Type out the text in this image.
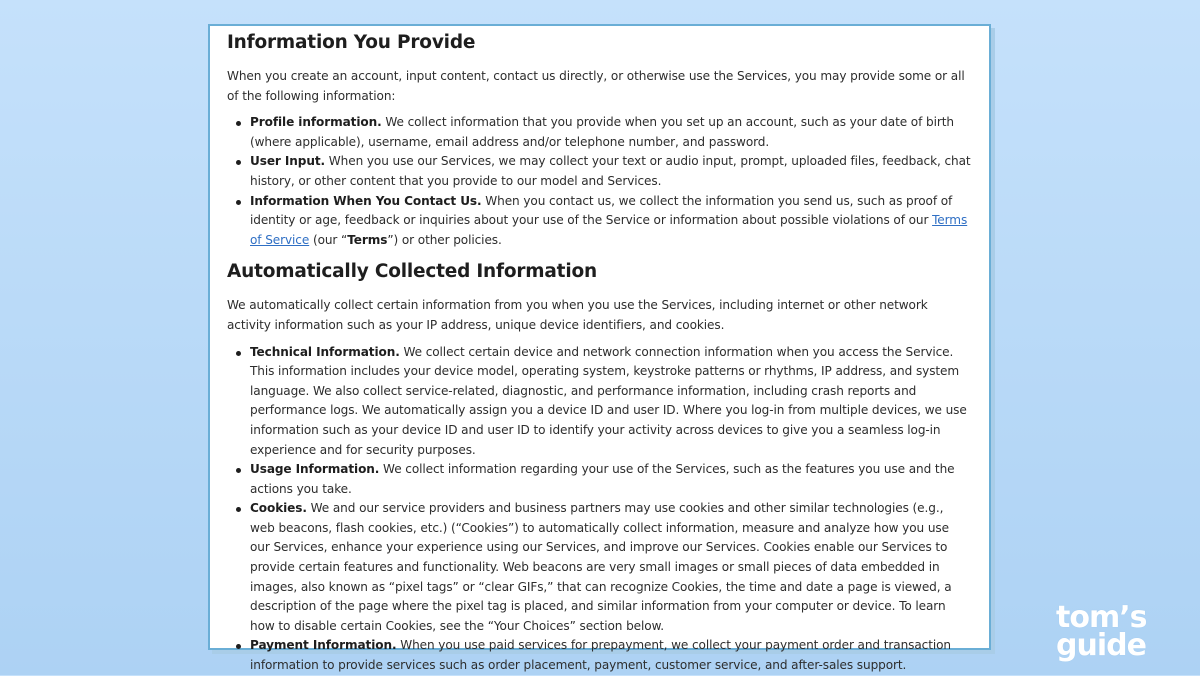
Information You Provide

When you create an account, input content, contact us directly, or otherwise use the Services, you may provide some or all of the following information:

Profile information. We collect information that you provide when you set up an account, such as your date of birth (where applicable), username, email address and/or telephone number, and password.
User Input. When you use our Services, we may collect your text or audio input, prompt, uploaded files, feedback, chat history, or other content that you provide to our model and Services.
Information When You Contact Us. When you contact us, we collect the information you send us, such as proof of identity or age, feedback or inquiries about your use of the Service or information about possible violations of our Terms of Service (our “Terms”) or other policies.
Automatically Collected Information

We automatically collect certain information from you when you use the Services, including internet or other network activity information such as your IP address, unique device identifiers, and cookies.

Technical Information. We collect certain device and network connection information when you access the Service. This information includes your device model, operating system, keystroke patterns or rhythms, IP address, and system language. We also collect service-related, diagnostic, and performance information, including crash reports and performance logs. We automatically assign you a device ID and user ID. Where you log-in from multiple devices, we use information such as your device ID and user ID to identify your activity across devices to give you a seamless log-in experience and for security purposes.
Usage Information. We collect information regarding your use of the Services, such as the features you use and the actions you take.
Cookies. We and our service providers and business partners may use cookies and other similar technologies (e.g., web beacons, flash cookies, etc.) (“Cookies”) to automatically collect information, measure and analyze how you use our Services, enhance your experience using our Services, and improve our Services. Cookies enable our Services to provide certain features and functionality. Web beacons are very small images or small pieces of data embedded in images, also known as “pixel tags” or “clear GIFs,” that can recognize Cookies, the time and date a page is viewed, a description of the page where the pixel tag is placed, and similar information from your computer or device. To learn how to disable certain Cookies, see the “Your Choices” section below.
Payment Information. When you use paid services for prepayment, we collect your payment order and transaction information to provide services such as order placement, payment, customer service, and after-sales support.
tom’s
guide
